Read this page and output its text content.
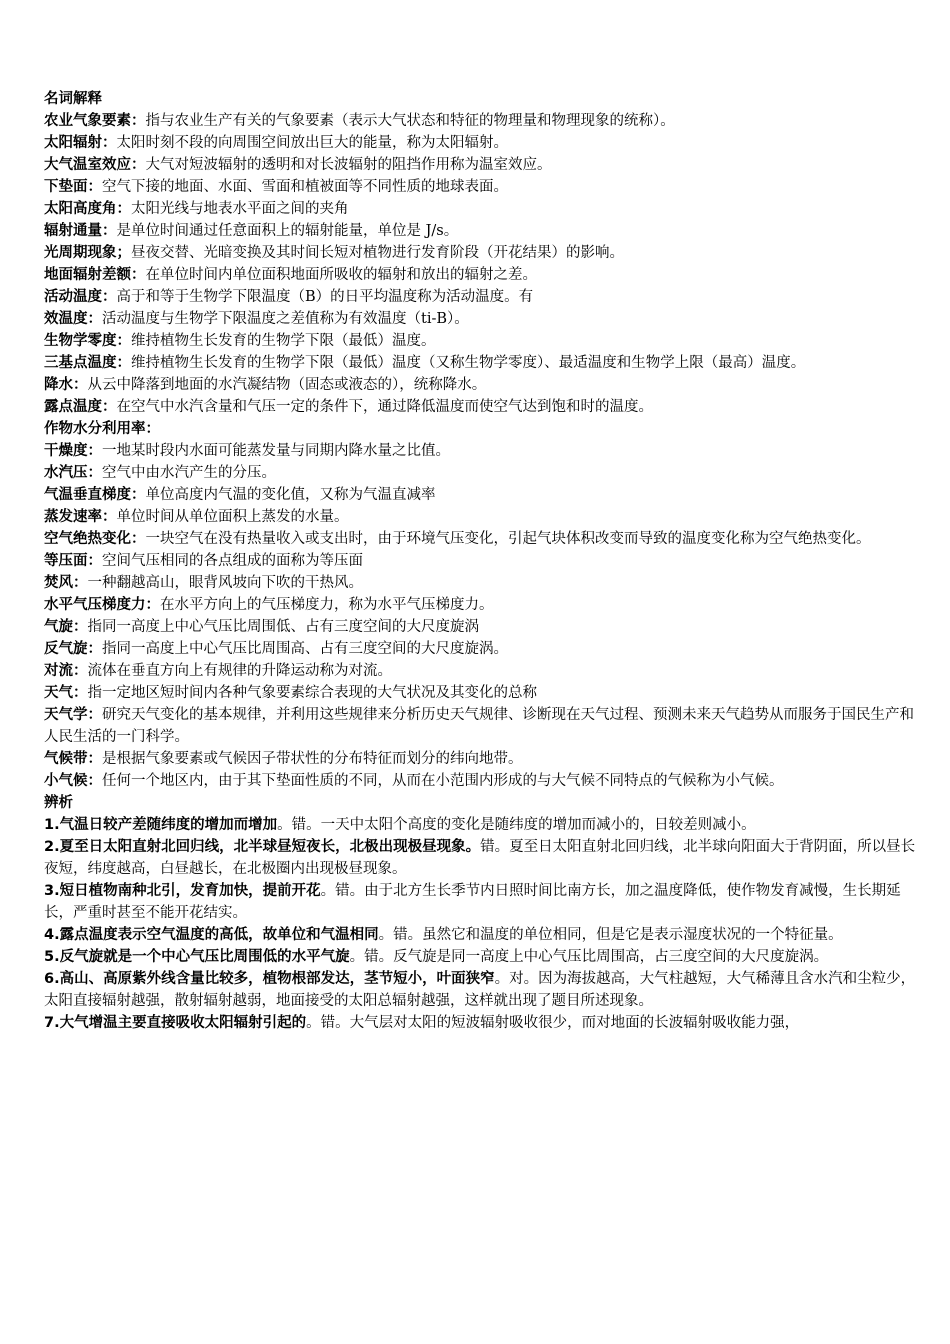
名词解释
农业气象要素：指与农业生产有关的气象要素（表示大气状态和特征的物理量和物理现象的统称）。
太阳辐射：太阳时刻不段的向周围空间放出巨大的能量，称为太阳辐射。
大气温室效应：大气对短波辐射的透明和对长波辐射的阻挡作用称为温室效应。
下垫面：空气下接的地面、水面、雪面和植被面等不同性质的地球表面。
太阳高度角：太阳光线与地表水平面之间的夹角
辐射通量：是单位时间通过任意面积上的辐射能量，单位是 J/s。
光周期现象；昼夜交替、光暗变换及其时间长短对植物进行发育阶段（开花结果）的影响。
地面辐射差额：在单位时间内单位面积地面所吸收的辐射和放出的辐射之差。
活动温度：高于和等于生物学下限温度（B）的日平均温度称为活动温度。有
效温度：活动温度与生物学下限温度之差值称为有效温度（ti-B）。
生物学零度：维持植物生长发育的生物学下限（最低）温度。
三基点温度：维持植物生长发育的生物学下限（最低）温度（又称生物学零度）、最适温度和生物学上限（最高）温度。
降水：从云中降落到地面的水汽凝结物（固态或液态的），统称降水。
露点温度：在空气中水汽含量和气压一定的条件下，通过降低温度而使空气达到饱和时的温度。
作物水分利用率：
干燥度：一地某时段内水面可能蒸发量与同期内降水量之比值。
水汽压：空气中由水汽产生的分压。
气温垂直梯度：单位高度内气温的变化值，又称为气温直减率
蒸发速率：单位时间从单位面积上蒸发的水量。
空气绝热变化：一块空气在没有热量收入或支出时，由于环境气压变化，引起气块体积改变而导致的温度变化称为空气绝热变化。
等压面：空间气压相同的各点组成的面称为等压面
焚风：一种翻越高山，眼背风坡向下吹的干热风。
水平气压梯度力：在水平方向上的气压梯度力，称为水平气压梯度力。
气旋：指同一高度上中心气压比周围低、占有三度空间的大尺度旋涡
反气旋：指同一高度上中心气压比周围高、占有三度空间的大尺度旋涡。
对流：流体在垂直方向上有规律的升降运动称为对流。
天气：指一定地区短时间内各种气象要素综合表现的大气状况及其变化的总称
天气学：研究天气变化的基本规律，并利用这些规律来分析历史天气规律、诊断现在天气过程、预测未来天气趋势从而服务于国民生产和人民生活的一门科学。
气候带：是根据气象要素或气候因子带状性的分布特征而划分的纬向地带。
小气候：任何一个地区内，由于其下垫面性质的不同，从而在小范围内形成的与大气候不同特点的气候称为小气候。
辨析
1.气温日较产差随纬度的增加而增加。错。一天中太阳个高度的变化是随纬度的增加而减小的，日较差则减小。
2.夏至日太阳直射北回归线，北半球昼短夜长，北极出现极昼现象。错。夏至日太阳直射北回归线，北半球向阳面大于背阴面，所以昼长夜短，纬度越高，白昼越长，在北极圈内出现极昼现象。
3.短日植物南种北引，发育加快，提前开花。错。由于北方生长季节内日照时间比南方长，加之温度降低，使作物发育减慢，生长期延长，严重时甚至不能开花结实。
4.露点温度表示空气温度的高低，故单位和气温相同。错。虽然它和温度的单位相同，但是它是表示湿度状况的一个特征量。
5.反气旋就是一个中心气压比周围低的水平气旋。错。反气旋是同一高度上中心气压比周围高，占三度空间的大尺度旋涡。
6.高山、高原紫外线含量比较多，植物根部发达，茎节短小，叶面狭窄。对。因为海拔越高，大气柱越短，大气稀薄且含水汽和尘粒少，太阳直接辐射越强，散射辐射越弱，地面接受的太阳总辐射越强，这样就出现了题目所述现象。
7.大气增温主要直接吸收太阳辐射引起的。错。大气层对太阳的短波辐射吸收很少，而对地面的长波辐射吸收能力强，
